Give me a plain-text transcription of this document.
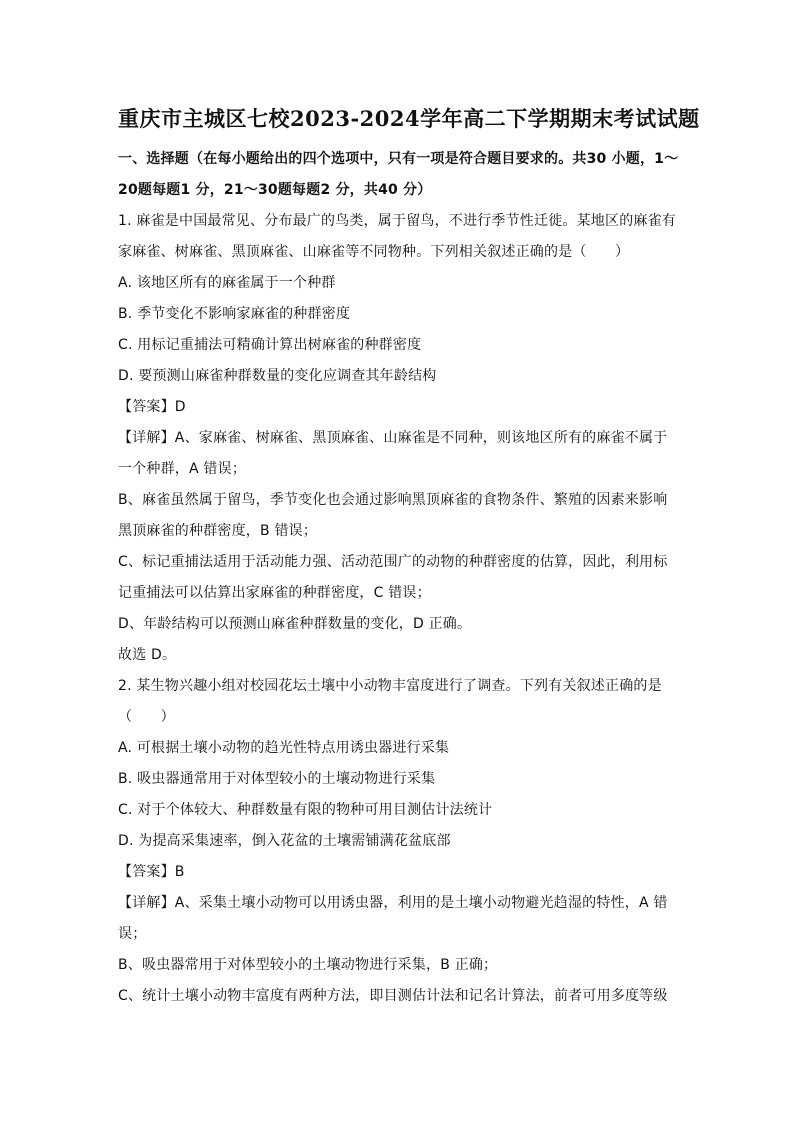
重庆市主城区七校2023-2024学年高二下学期期末考试试题
一、选择题（在每小题给出的四个选项中，只有一项是符合题目要求的。共30 小题，1～
20题每题1 分，21～30题每题2 分，共40 分）
1. 麻雀是中国最常见、分布最广的鸟类，属于留鸟，不进行季节性迁徙。某地区的麻雀有
家麻雀、树麻雀、黑顶麻雀、山麻雀等不同物种。下列相关叙述正确的是（　　）
A. 该地区所有的麻雀属于一个种群
B. 季节变化不影响家麻雀的种群密度
C. 用标记重捕法可精确计算出树麻雀的种群密度
D. 要预测山麻雀种群数量的变化应调查其年龄结构
【答案】D
【详解】A、家麻雀、树麻雀、黑顶麻雀、山麻雀是不同种，则该地区所有的麻雀不属于
一个种群，A 错误；
B、麻雀虽然属于留鸟，季节变化也会通过影响黑顶麻雀的食物条件、繁殖的因素来影响
黑顶麻雀的种群密度，B 错误；
C、标记重捕法适用于活动能力强、活动范围广的动物的种群密度的估算，因此，利用标
记重捕法可以估算出家麻雀的种群密度，C 错误；
D、年龄结构可以预测山麻雀种群数量的变化，D 正确。
故选 D。
2. 某生物兴趣小组对校园花坛土壤中小动物丰富度进行了调查。下列有关叙述正确的是
（　　）
A. 可根据土壤小动物的趋光性特点用诱虫器进行采集
B. 吸虫器通常用于对体型较小的土壤动物进行采集
C. 对于个体较大、种群数量有限的物种可用目测估计法统计
D. 为提高采集速率，倒入花盆的土壤需铺满花盆底部
【答案】B
【详解】A、采集土壤小动物可以用诱虫器，利用的是土壤小动物避光趋湿的特性，A 错
误；
B、吸虫器常用于对体型较小的土壤动物进行采集，B 正确；
C、统计土壤小动物丰富度有两种方法，即目测估计法和记名计算法，前者可用多度等级
